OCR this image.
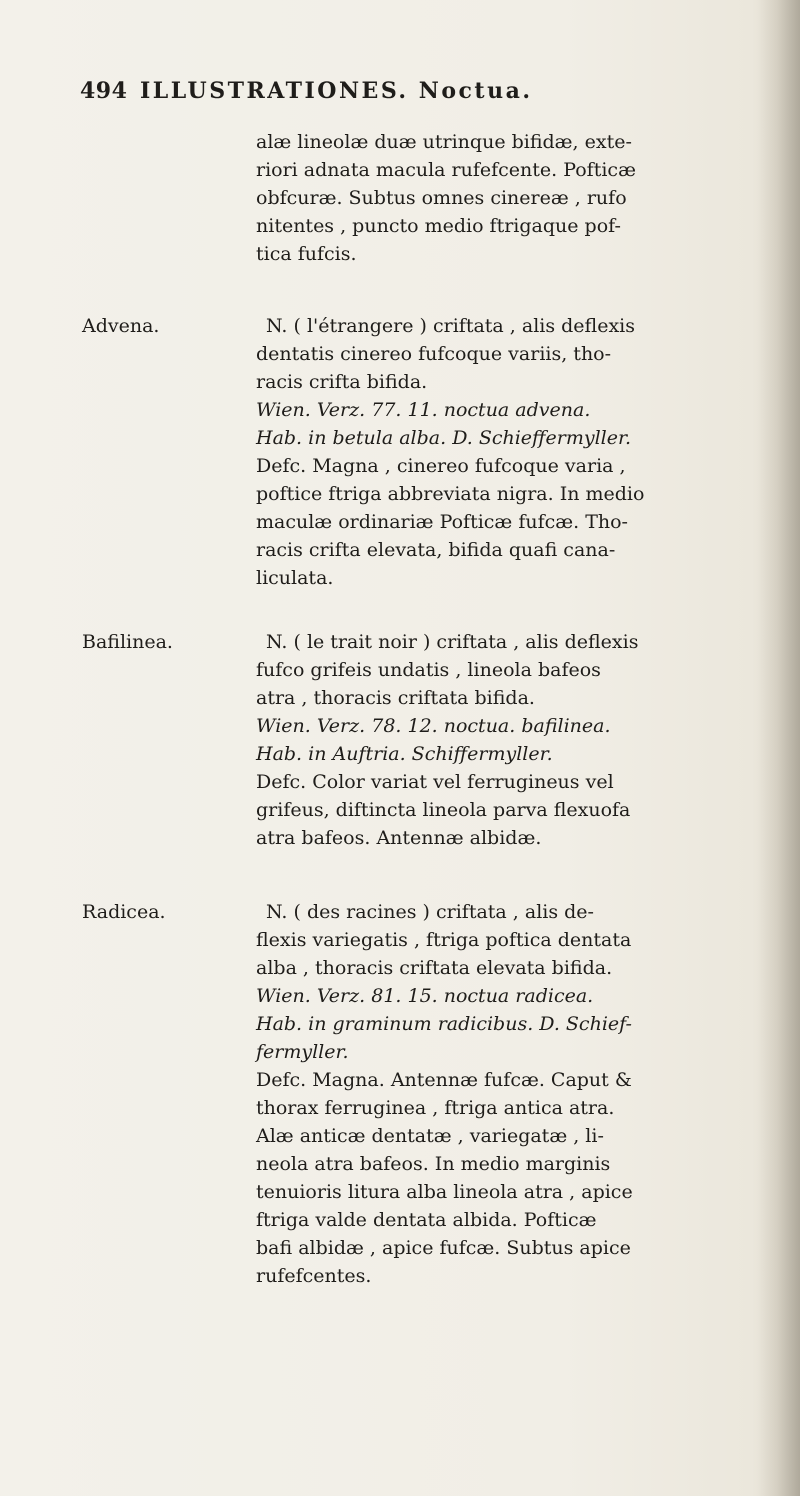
494 ILLUSTRATIONES. Noctua.
alæ lineolæ duæ utrinque bifidæ, exte-
riori adnata macula rufefcente. Pofticæ
obfcuræ. Subtus omnes cinereæ , rufo
nitentes , puncto medio ftrigaque pof-
tica fufcis.
Advena.	N. ( l'étrangere ) criftata , alis deflexis
dentatis cinereo fufcoque variis, tho-
racis crifta bifida.
Wien. Verz. 77. 11. noctua advena.
Hab. in betula alba. D. Schieffermyller.
Defc. Magna , cinereo fufcoque varia ,
poftice ftriga abbreviata nigra. In medio
maculæ ordinariæ Pofticæ fufcæ. Tho-
racis crifta elevata, bifida quafi cana-
liculata.
Bafilinea.	N. ( le trait noir ) criftata , alis deflexis
fufco grifeis undatis , lineola bafeos
atra , thoracis criftata bifida.
Wien. Verz. 78. 12. noctua. bafilinea.
Hab. in Auftria. Schiffermyller.
Defc. Color variat vel ferrugineus vel
grifeus, diftincta lineola parva flexuofa
atra bafeos. Antennæ albidæ.
Radicea.	N. ( des racines ) criftata , alis de-
flexis variegatis , ftriga poftica dentata
alba , thoracis criftata elevata bifida.
Wien. Verz. 81. 15. noctua radicea.
Hab. in graminum radicibus. D. Schief-
fermyller.
Defc. Magna. Antennæ fufcæ. Caput &
thorax ferruginea , ftriga antica atra.
Alæ anticæ dentatæ , variegatæ , li-
neola atra bafeos. In medio marginis
tenuioris litura alba lineola atra , apice
ftriga valde dentata albida. Pofticæ
bafi albidæ , apice fufcæ. Subtus apice
rufefcentes.
